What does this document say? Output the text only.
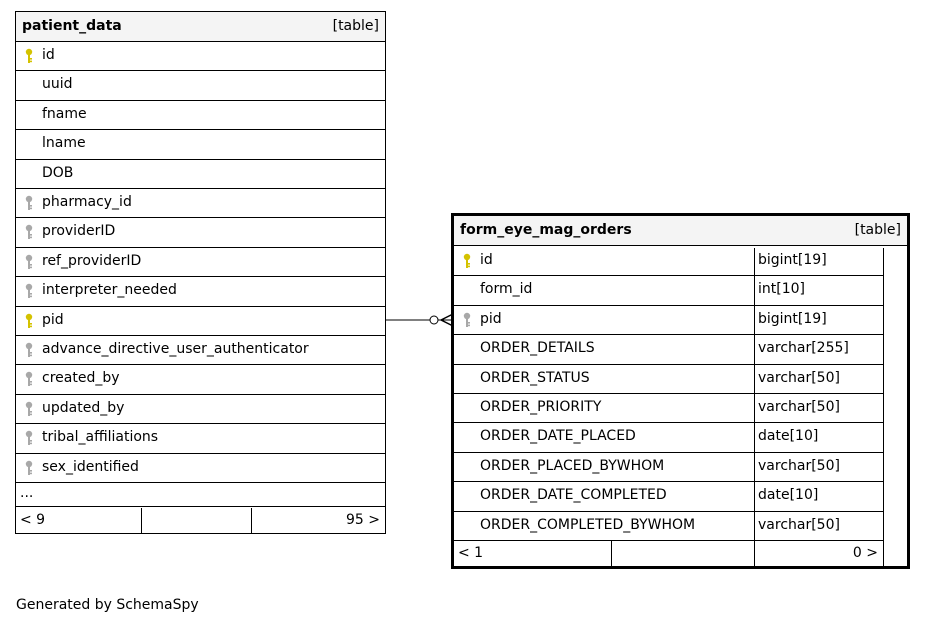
patient_data	[table]
id
uuid
fname
lname
DOB
pharmacy_id
providerID
ref_providerID
interpreter_needed
pid
advance_directive_user_authenticator
created_by
updated_by
tribal_affiliations
sex_identified
...
< 9	95 >
form_eye_mag_orders	[table]
id	bigint[19]
form_id	int[10]
pid	bigint[19]
ORDER_DETAILS	varchar[255]
ORDER_STATUS	varchar[50]
ORDER_PRIORITY	varchar[50]
ORDER_DATE_PLACED	date[10]
ORDER_PLACED_BYWHOM	varchar[50]
ORDER_DATE_COMPLETED	date[10]
ORDER_COMPLETED_BYWHOM	varchar[50]
< 1	0 >
Generated by SchemaSpy
